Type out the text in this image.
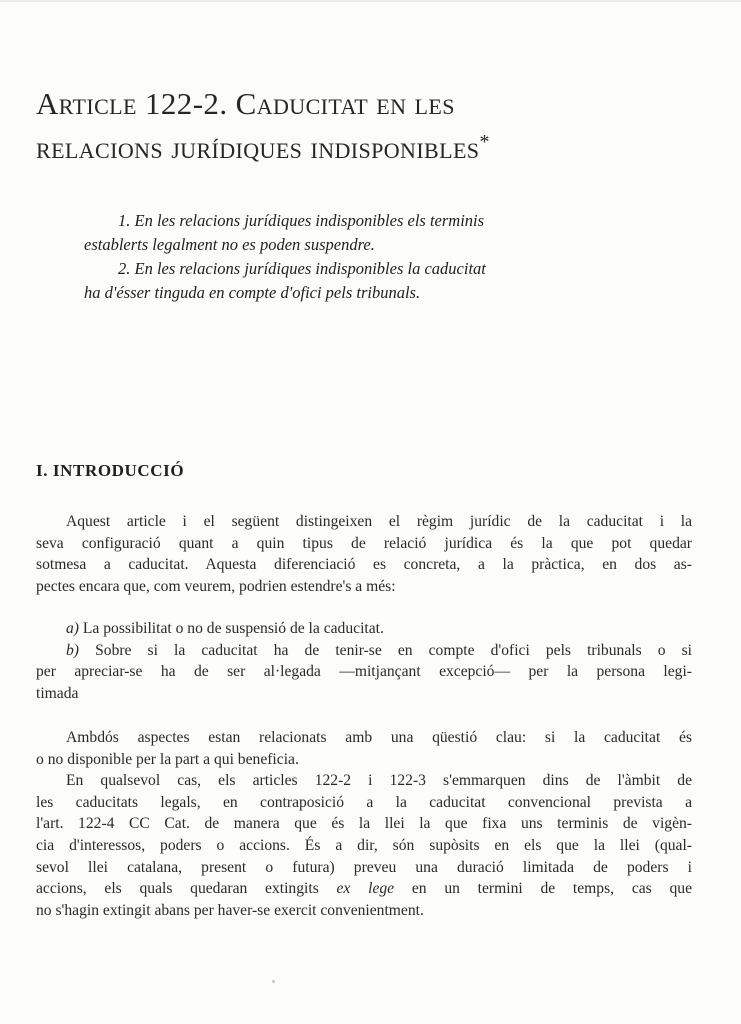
Article 122-2. Caducitat en les
relacions jurídiques indisponibles*

1. En les relacions jurídiques indisponibles els terminis

establerts legalment no es poden suspendre.

2. En les relacions jurídiques indisponibles la caducitat

ha d'ésser tinguda en compte d'ofici pels tribunals.

I. INTRODUCCIÓ
Aquest article i el següent distingeixen el règim jurídic de la caducitat i la
seva configuració quant a quin tipus de relació jurídica és la que pot quedar
sotmesa a caducitat. Aquesta diferenciació es concreta, a la pràctica, en dos as-
pectes encara que, com veurem, podrien estendre's a més:
a) La possibilitat o no de suspensió de la caducitat.
b) Sobre si la caducitat ha de tenir-se en compte d'ofici pels tribunals o si
per apreciar-se ha de ser al·legada —mitjançant excepció— per la persona legi-
timada
Ambdós aspectes estan relacionats amb una qüestió clau: si la caducitat és
o no disponible per la part a qui beneficia.
En qualsevol cas, els articles 122-2 i 122-3 s'emmarquen dins de l'àmbit de
les caducitats legals, en contraposició a la caducitat convencional prevista a
l'art. 122-4 CC Cat. de manera que és la llei la que fixa uns terminis de vigèn-
cia d'interessos, poders o accions. És a dir, són supòsits en els que la llei (qual-
sevol llei catalana, present o futura) preveu una duració limitada de poders i
accions, els quals quedaran extingits ex lege en un termini de temps, cas que
no s'hagin extingit abans per haver-se exercit convenientment.
